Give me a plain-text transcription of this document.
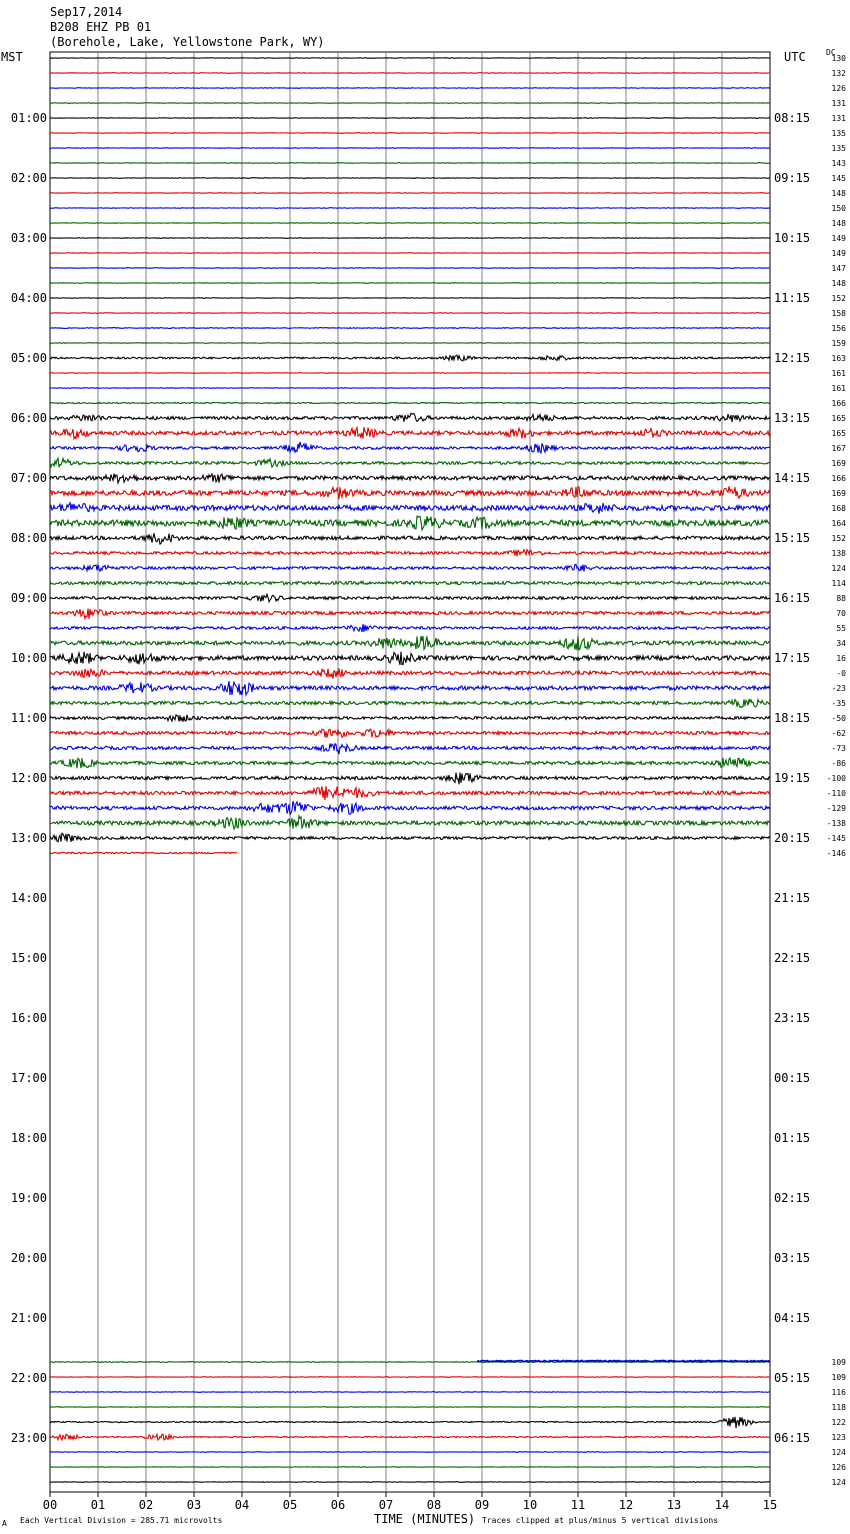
Sep17,2014
B208 EHZ PB 01
(Borehole, Lake, Yellowstone Park, WY)
MST	UTC	DC
130
132
126
131
131
135
135
143
145
148
150
148
149
149
147
148
152
158
156
159
163
161
161
166
165
165
167
169
166
169
168
164
152
138
124
114
88
70
55
34
16
-0
-23
-35
-50
-62
-73
-86
-100
-110
-129
-138
-145
-146
109
109
116
118
122
123
124
126
124
01:00
02:00
03:00
04:00
05:00
06:00
07:00
08:00
09:00
10:00
11:00
12:00
13:00
14:00
15:00
16:00
17:00
18:00
19:00
20:00
21:00
22:00
23:00
08:15
09:15
10:15
11:15
12:15
13:15
14:15
15:15
16:15
17:15
18:15
19:15
20:15
21:15
22:15
23:15
00:15
01:15
02:15
03:15
04:15
05:15
06:15
00	01	02	03	04	05	06	07	08	09	10	11	12	13	14	15
A Each Vertical Division = 285.71 microvolts	TIME (MINUTES) Traces clipped at plus/minus 5 vertical divisions
